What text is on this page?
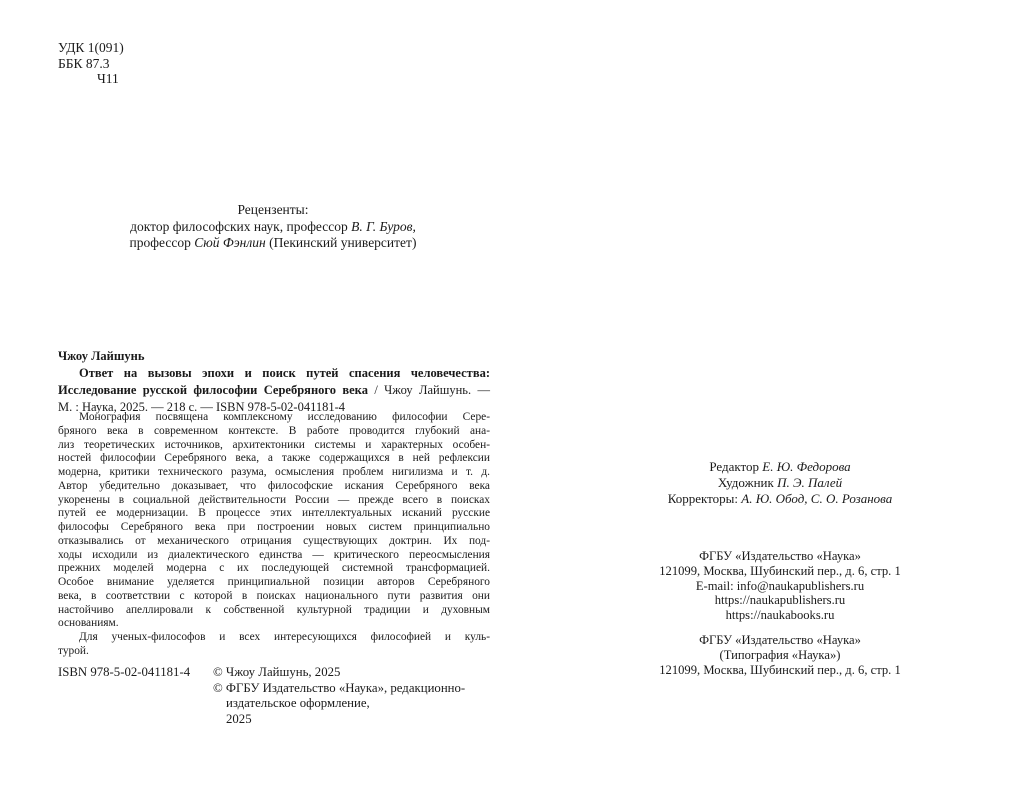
УДК 1(091)
ББК 87.3
Ч11
Рецензенты:
доктор философских наук, профессор В. Г. Буров,
профессор Сюй Фэнлин (Пекинский университет)
Чжоу Лайшунь
Ответ на вызовы эпохи и поиск путей спасения человечества:
Исследование русской философии Серебряного века / Чжоу Лайшунь. —
М. : Наука, 2025. — 218 с. — ISBN 978-5-02-041181-4
Монография посвящена комплексному исследованию философии Сере-
бряного века в современном контексте. В работе проводится глубокий ана-
лиз теоретических источников, архитектоники системы и характерных особен-
ностей философии Серебряного века, а также содержащихся в ней рефлексии
модерна, критики технического разума, осмысления проблем нигилизма и т. д.
Автор убедительно доказывает, что философские искания Серебряного века
укоренены в социальной действительности России — прежде всего в поисках
путей ее модернизации. В процессе этих интеллектуальных исканий русские
философы Серебряного века при построении новых систем принципиально
отказывались от механического отрицания существующих доктрин. Их под-
ходы исходили из диалектического единства — критического переосмысления
прежних моделей модерна с их последующей системной трансформацией.
Особое внимание уделяется принципиальной позиции авторов Серебряного
века, в соответствии с которой в поисках национального пути развития они
настойчиво апеллировали к собственной культурной традиции и духовным
основаниям.
Для ученых-философов и всех интересующихся философией и куль-
турой.
ISBN 978-5-02-041181-4 © Чжоу Лайшунь, 2025
© ФГБУ Издательство «Наука», редакционно-
издательское оформление,
2025
Редактор Е. Ю. Федорова
Художник П. Э. Палей
Корректоры: А. Ю. Обод, С. О. Розанова
ФГБУ «Издательство «Наука»
121099, Москва, Шубинский пер., д. 6, стр. 1
E-mail: info@naukapublishers.ru
https://naukapublishers.ru
https://naukabooks.ru
ФГБУ «Издательство «Наука»
(Типография «Наука»)
121099, Москва, Шубинский пер., д. 6, стр. 1
